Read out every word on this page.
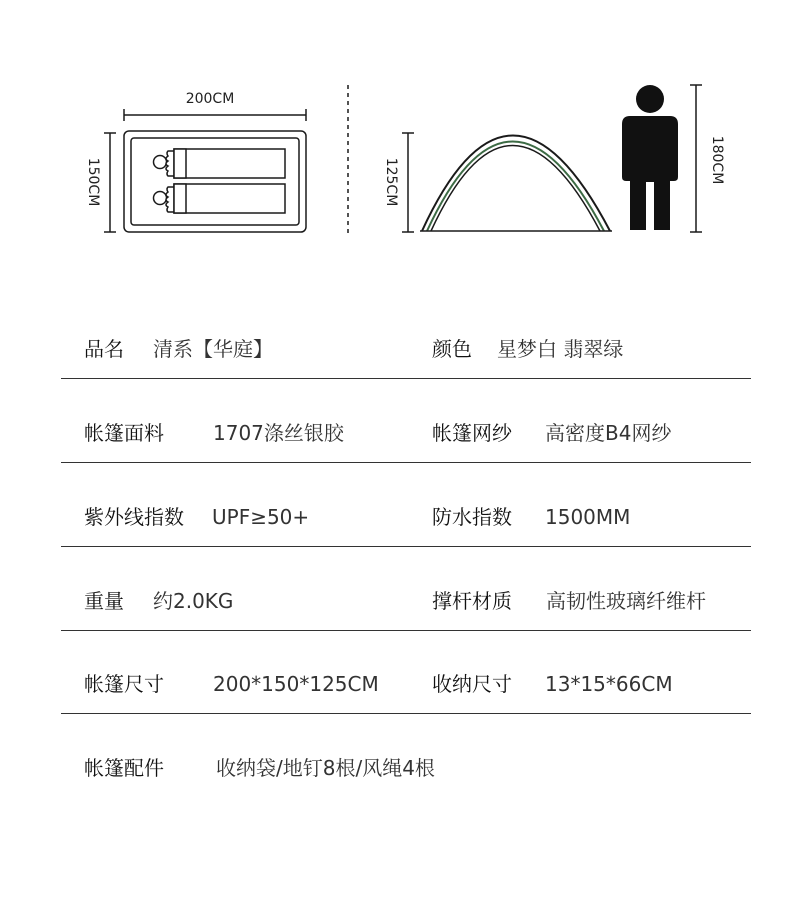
200CM
150CM	125CM	180CM
品名 清系【华庭】	颜色 星梦白 翡翠绿
帐篷面料 1707涤丝银胶	帐篷网纱 高密度B4网纱
紫外线指数 UPF≥50+	防水指数 1500MM
重量 约2.0KG	撑杆材质 高韧性玻璃纤维杆
帐篷尺寸 200*150*125CM	收纳尺寸 13*15*66CM
帐篷配件	收纳袋/地钉8根/风绳4根
